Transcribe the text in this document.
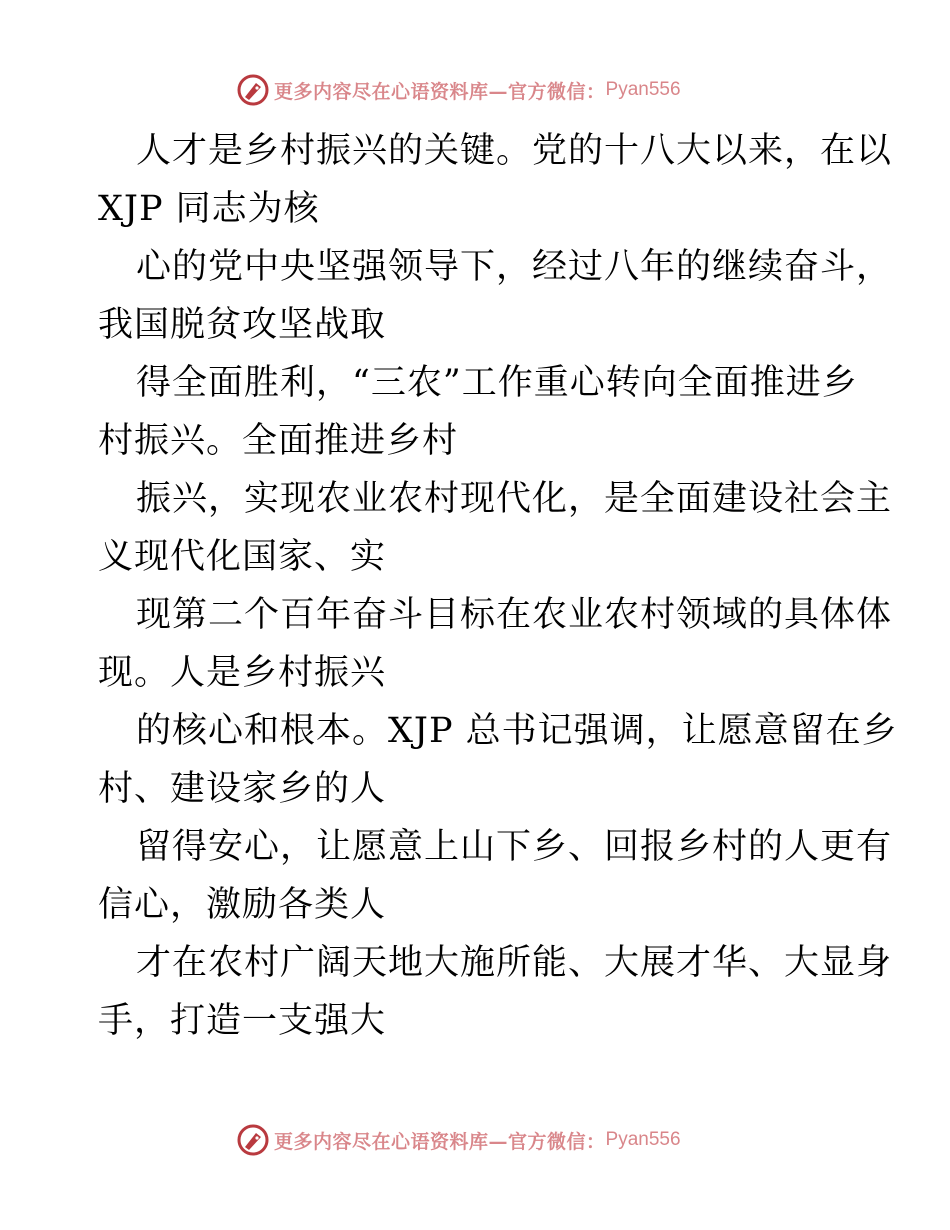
更多内容尽在心语资料库—官方微信： Pyan556
人才是乡村振兴的关键。党的十八大以来，在以
XJP 同志为核
心的党中央坚强领导下，经过八年的继续奋斗，
我国脱贫攻坚战取
得全面胜利，“三农”工作重心转向全面推进乡
村振兴。全面推进乡村
振兴，实现农业农村现代化，是全面建设社会主
义现代化国家、实
现第二个百年奋斗目标在农业农村领域的具体体
现。人是乡村振兴
的核心和根本。XJP 总书记强调，让愿意留在乡
村、建设家乡的人
留得安心，让愿意上山下乡、回报乡村的人更有
信心，激励各类人
才在农村广阔天地大施所能、大展才华、大显身
手，打造一支强大
更多内容尽在心语资料库—官方微信： Pyan556
